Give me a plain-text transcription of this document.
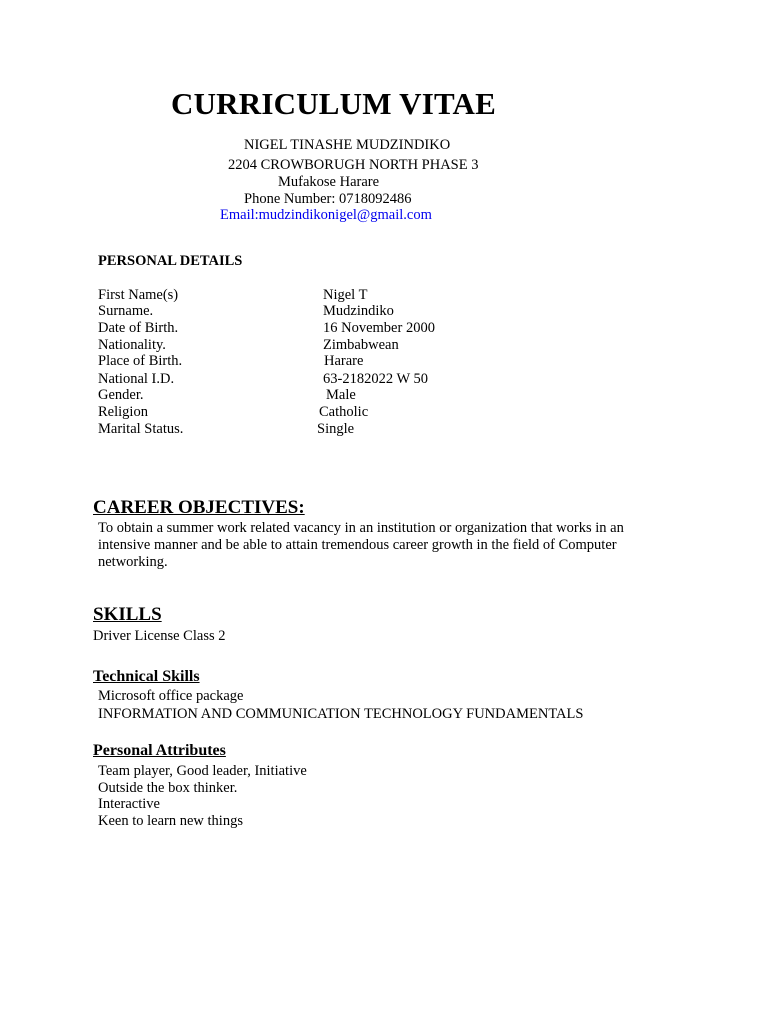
CURRICULUM VITAE
NIGEL TINASHE MUDZINDIKO
2204 CROWBORUGH NORTH PHASE 3
Mufakose Harare
Phone Number: 0718092486
Email:mudzindikonigel@gmail.com
PERSONAL DETAILS
First Name(s)	Nigel T
Surname.	Mudzindiko
Date of Birth.	16 November 2000
Nationality.	Zimbabwean
Place of Birth.	Harare
National I.D.	63-2182022 W 50
Gender.	Male
Religion	Catholic
Marital Status.	Single
CAREER OBJECTIVES:
To obtain a summer work related vacancy in an institution or organization that works in an intensive manner and be able to attain tremendous career growth in the field of Computer networking.
SKILLS
Driver License Class 2
Technical Skills
Microsoft office package
INFORMATION AND COMMUNICATION TECHNOLOGY FUNDAMENTALS
Personal Attributes
Team player, Good leader, Initiative
Outside the box thinker.
Interactive
Keen to learn new things
